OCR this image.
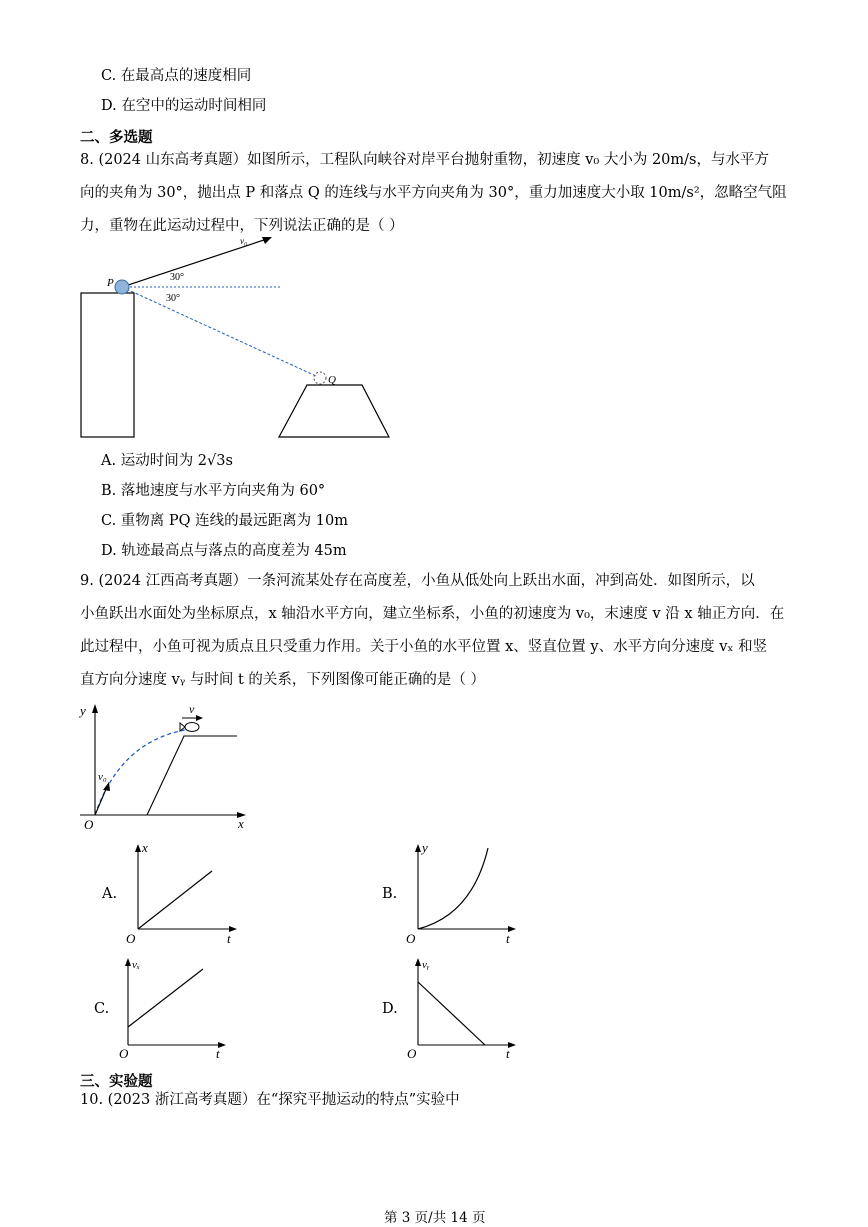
C. 在最高点的速度相同
D. 在空中的运动时间相同
二、多选题
8. (2024 山东高考真题）如图所示，工程队向峡谷对岸平台抛射重物，初速度 v₀ 大小为 20m/s，与水平方
向的夹角为 30°，抛出点 P 和落点 Q 的连线与水平方向夹角为 30°，重力加速度大小取 10m/s²，忽略空气阻
力，重物在此运动过程中，下列说法正确的是（ ）
v₀
P
Q
30°
30°
A. 运动时间为 2√3s
B. 落地速度与水平方向夹角为 60°
C. 重物离 PQ 连线的最远距离为 10m
D. 轨迹最高点与落点的高度差为 45m
9. (2024 江西高考真题）一条河流某处存在高度差，小鱼从低处向上跃出水面，冲到高处．如图所示，以
小鱼跃出水面处为坐标原点，x 轴沿水平方向，建立坐标系，小鱼的初速度为 v₀，末速度 v 沿 x 轴正方向．在
此过程中，小鱼可视为质点且只受重力作用。关于小鱼的水平位置 x、竖直位置 y、水平方向分速度 vₓ 和竖
直方向分速度 vᵧ 与时间 t 的关系，下列图像可能正确的是（ ）
y
x
O
v
v₀
A.
x
O	t
B.
y
O	t
C.
vₓ
O	t
D.
vᵧ
O	t
三、实验题
10. (2023 浙江高考真题）在“探究平抛运动的特点”实验中
第 3 页/共 14 页
